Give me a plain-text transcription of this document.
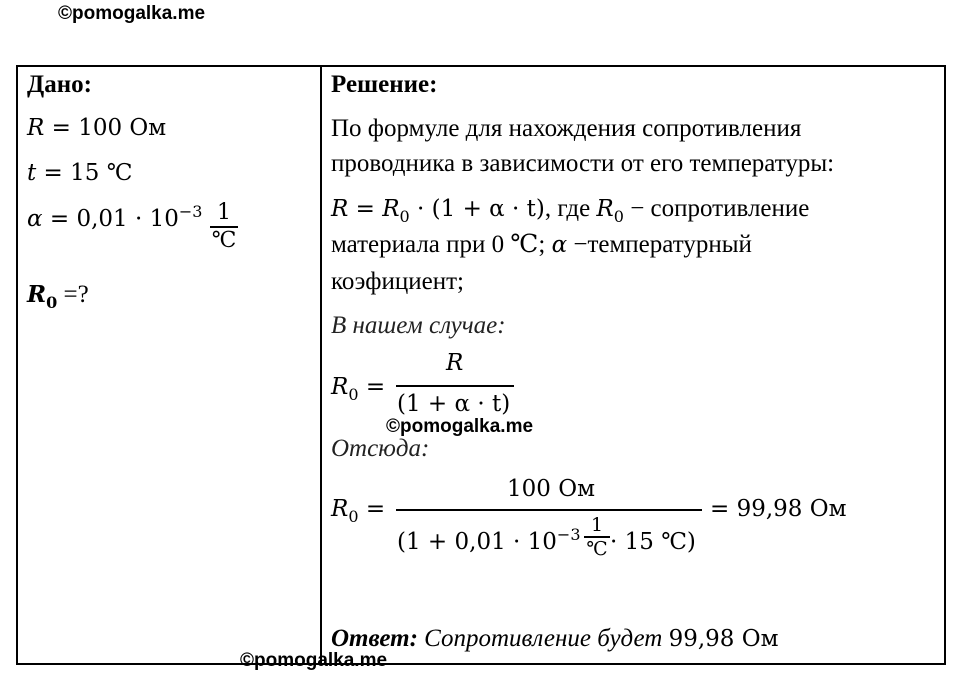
©pomogalka.me
Дано:
R = 100 Ом
t = 15 ℃
$\alpha = 0,01 \cdot 10^{-3}$ 1
℃
$R_0$ =?
Решение:
По формуле для нахождения сопротивления
проводника в зависимости от его температуры:
$R = R_0 \cdot (1 + \alpha \cdot t)$, где $R_0$ − сопротивление
материала при 0 ℃; α −температурный
коэфициент;
В нашем случае:
$R_0$ =
R
(1 + α · t)
©pomogalka.me
Отсюда:
$R_0$ =
100 Ом
($1 + 0,01 \cdot 10^{-3}$ 1
℃ · 15 ℃)
= 99,98 Ом
Ответ: Сопротивление будет 99,98 Ом
©pomogalka.me
